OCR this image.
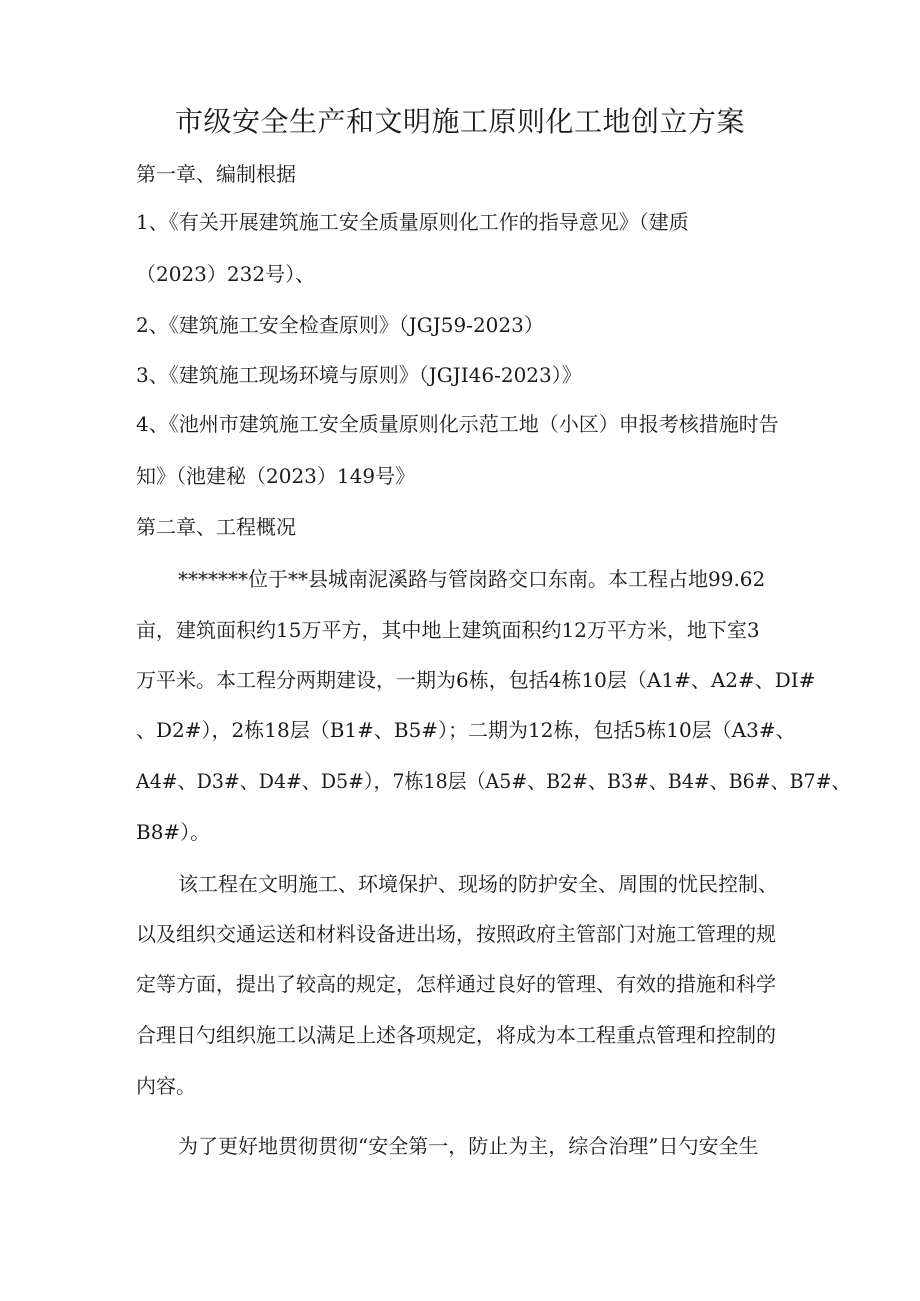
市级安全生产和文明施工原则化工地创立方案

第一章、编制根据

1、《有关开展建筑施工安全质量原则化工作的指导意见》（建质

（2023）232号）、

2、《建筑施工安全检查原则》（JGJ59-2023）

3、《建筑施工现场环境与原则》（JGJI46-2023）》

4、《池州市建筑施工安全质量原则化示范工地（小区）申报考核措施时告

知》（池建秘（2023）149号》

第二章、工程概况

*******位于**县城南泥溪路与管岗路交口东南。本工程占地99.62

亩，建筑面积约15万平方，其中地上建筑面积约12万平方米，地下室3

万平米。本工程分两期建设，一期为6栋，包括4栋10层（A1#、A2#、DI#

、D2#），2栋18层（B1#、B5#）；二期为12栋，包括5栋10层（A3#、

A4#、D3#、D4#、D5#），7栋18层（A5#、B2#、B3#、B4#、B6#、B7#、

B8#）。

该工程在文明施工、环境保护、现场的防护安全、周围的忧民控制、

以及组织交通运送和材料设备进出场，按照政府主管部门对施工管理的规

定等方面，提出了较高的规定，怎样通过良好的管理、有效的措施和科学

合理日勺组织施工以满足上述各项规定，将成为本工程重点管理和控制的

内容。

为了更好地贯彻贯彻“安全第一，防止为主，综合治理”日勺安全生
